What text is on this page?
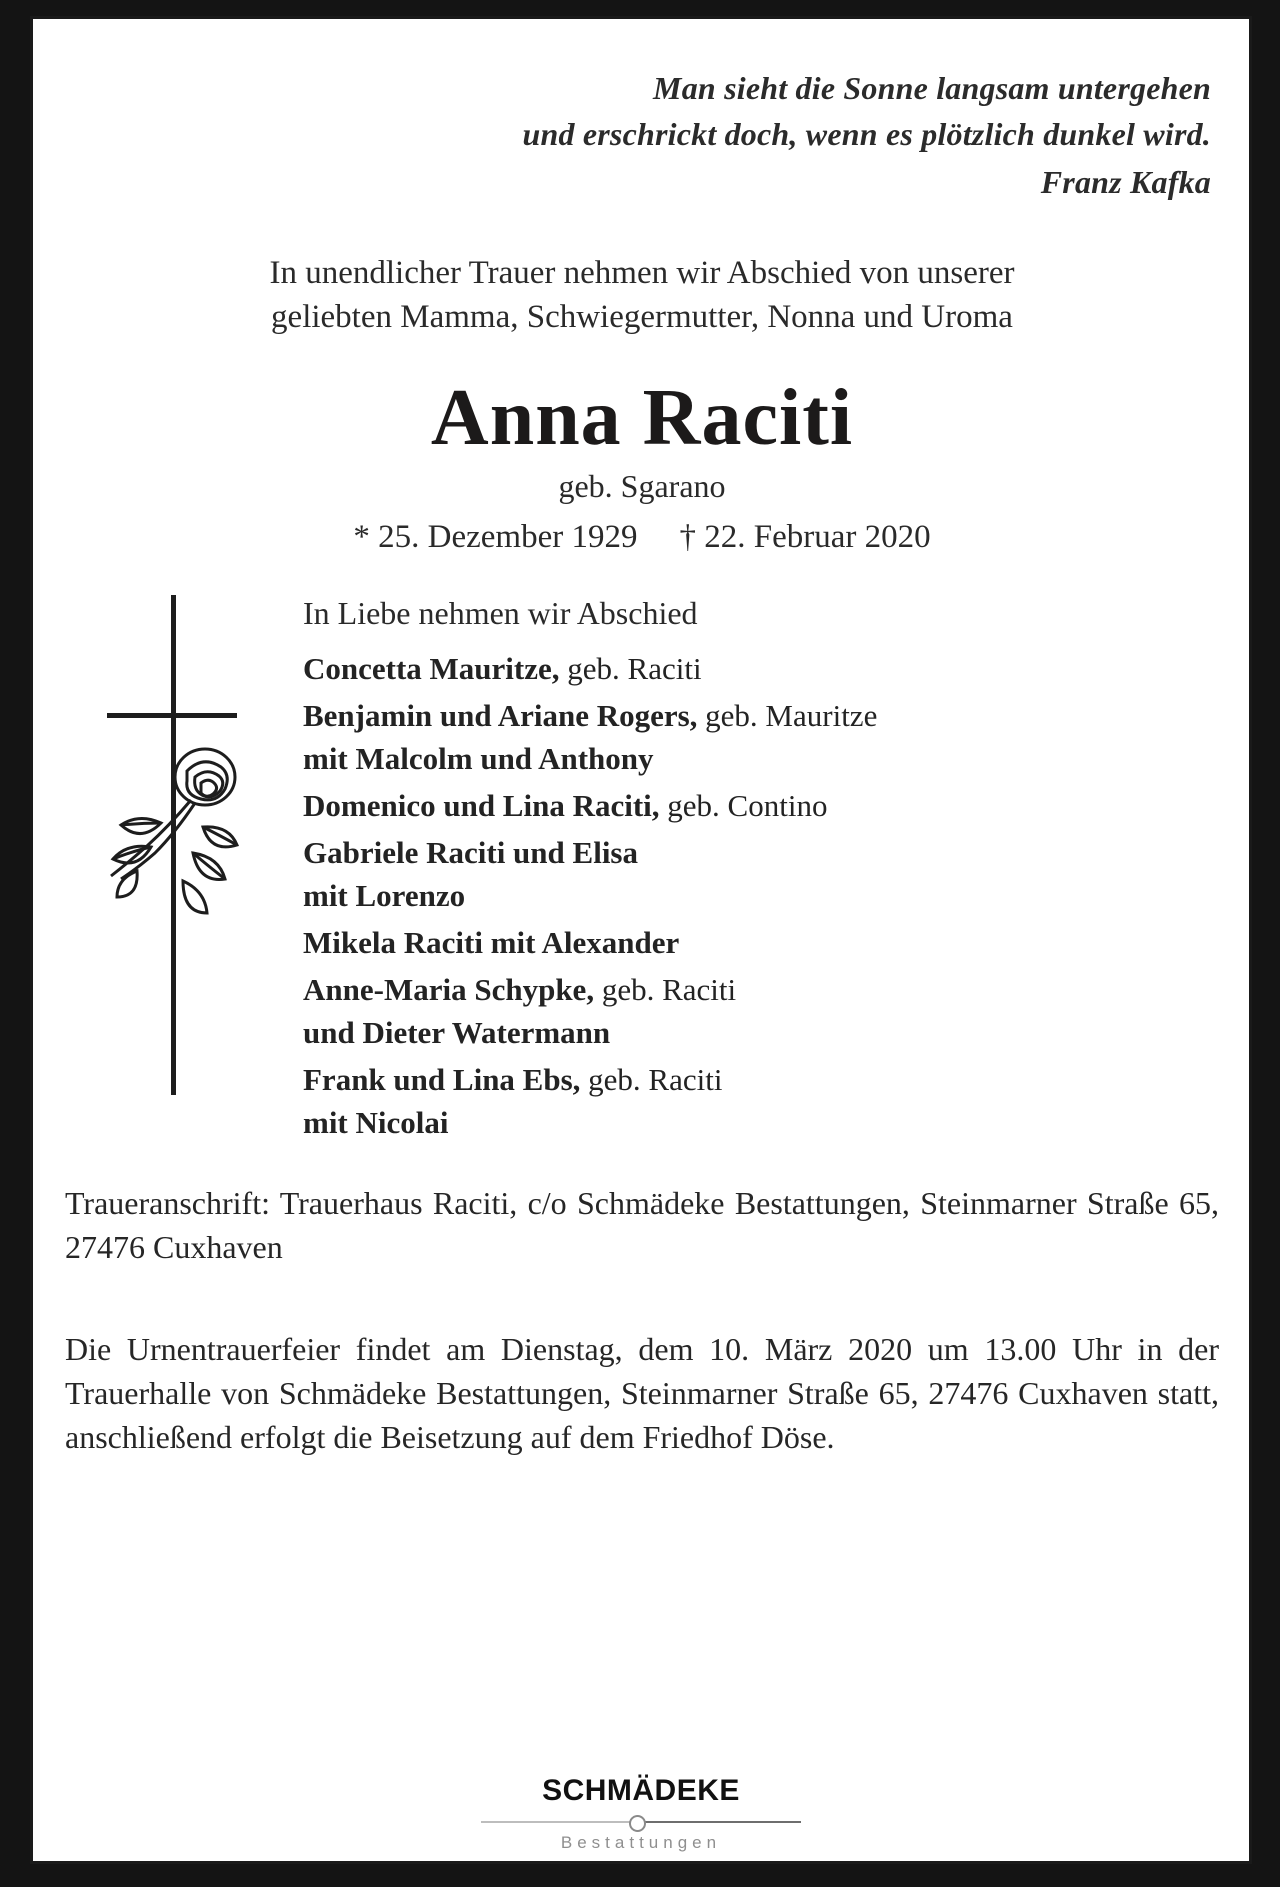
Man sieht die Sonne langsam untergehen
und erschrickt doch, wenn es plötzlich dunkel wird.
Franz Kafka
In unendlicher Trauer nehmen wir Abschied von unserer
geliebten Mamma, Schwiegermutter, Nonna und Uroma
Anna Raciti
geb. Sgarano
* 25. Dezember 1929 † 22. Februar 2020
In Liebe nehmen wir Abschied
Concetta Mauritze, geb. Raciti
Benjamin und Ariane Rogers, geb. Mauritze
mit Malcolm und Anthony
Domenico und Lina Raciti, geb. Contino
Gabriele Raciti und Elisa
mit Lorenzo
Mikela Raciti mit Alexander
Anne-Maria Schypke, geb. Raciti
und Dieter Watermann
Frank und Lina Ebs, geb. Raciti
mit Nicolai
Traueranschrift: Trauerhaus Raciti, c/o Schmädeke Bestattungen, Steinmarner Straße 65, 27476 Cuxhaven
Die Urnentrauerfeier findet am Dienstag, dem 10. März 2020 um 13.00 Uhr in der Trauerhalle von Schmädeke Bestattungen, Steinmarner Straße 65, 27476 Cuxhaven statt, anschließend erfolgt die Beisetzung auf dem Friedhof Döse.
SCHMÄDEKE
Bestattungen
